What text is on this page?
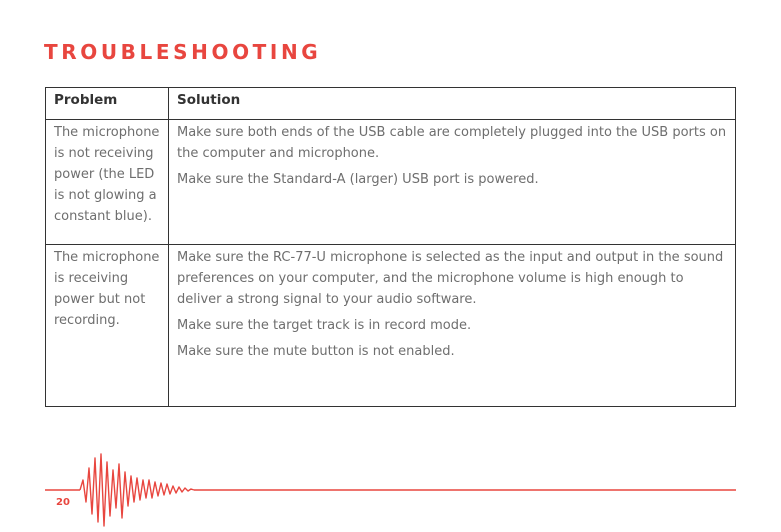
TROUBLESHOOTING
Problem	Solution
The microphone is not receiving power (the LED is not glowing a constant blue).	Make sure both ends of the USB cable are completely plugged into the USB ports on the computer and microphone.
Make sure the Standard-A (larger) USB port is powered.

The microphone is receiving power but not recording.	Make sure the RC-77-U microphone is selected as the input and output in the sound preferences on your computer, and the microphone volume is high enough to deliver a strong signal to your audio software.
Make sure the target track is in record mode.
Make sure the mute button is not enabled.
20
